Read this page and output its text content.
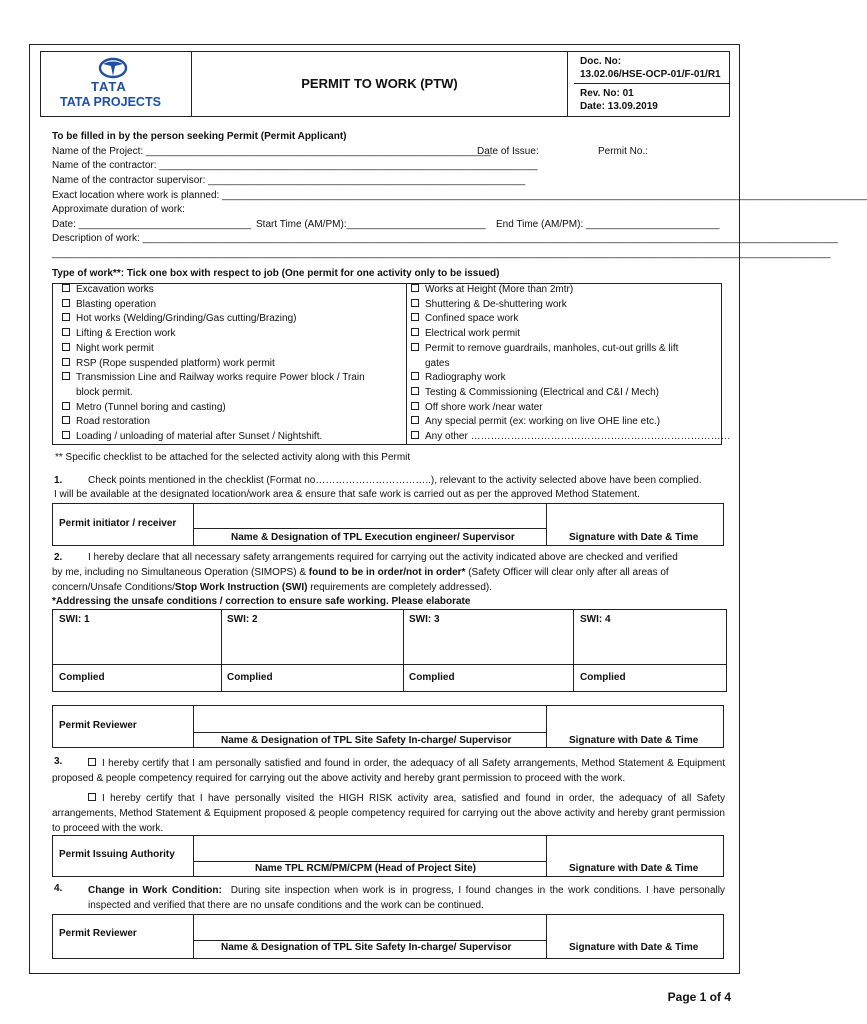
TATA
TATA PROJECTS
PERMIT TO WORK (PTW)
Doc. No:
13.02.06/HSE-OCP-01/F-01/R1
Rev. No: 01
Date: 13.09.2019
To be filled in by the person seeking Permit (Permit Applicant)
Name of the Project: ______________________________________________________________
Date of Issue:	Permit No.:
Name of the contractor: ____________________________________________________________________
Name of the contractor supervisor: _________________________________________________________
Exact location where work is planned: ____________________________________________________________________________________________________________________
Approximate duration of work:
Date: _______________________________ Start Time (AM/PM):_________________________ End Time (AM/PM): ________________________
Description of work: _____________________________________________________________________________________________________________________________
____________________________________________________________________________________________________________________________________________
Type of work**: Tick one box with respect to job (One permit for one activity only to be issued)
Excavation works
Blasting operation
Hot works (Welding/Grinding/Gas cutting/Brazing)
Lifting & Erection work
Night work permit
RSP (Rope suspended platform) work permit
Transmission Line and Railway works require Power block / Train
block permit.
Metro (Tunnel boring and casting)
Road restoration
Loading / unloading of material after Sunset / Nightshift.
Works at Height (More than 2mtr)
Shuttering & De-shuttering work
Confined space work
Electrical work permit
Permit to remove guardrails, manholes, cut-out grills & lift
gates
Radiography work
Testing & Commissioning (Electrical and C&I / Mech)
Off shore work /near water
Any special permit (ex: working on live OHE line etc.)
Any other ……………………………………………………………………
** Specific checklist to be attached for the selected activity along with this Permit
1.	Check points mentioned in the checklist (Format no……………………………..), relevant to the activity selected above have been complied.
I will be available at the designated location/work area & ensure that safe work is carried out as per the approved Method Statement.
Permit initiator / receiver
Name & Designation of TPL Execution engineer/ Supervisor	Signature with Date & Time
2.	I hereby declare that all necessary safety arrangements required for carrying out the activity indicated above are checked and verified
by me, including no Simultaneous Operation (SIMOPS) & found to be in order/not in order* (Safety Officer will clear only after all areas of
concern/Unsafe Conditions/Stop Work Instruction (SWI) requirements are completely addressed).
*Addressing the unsafe conditions / correction to ensure safe working. Please elaborate
SWI: 1	SWI: 2	SWI: 3	SWI: 4
Complied	Complied	Complied	Complied
Permit Reviewer
Name & Designation of TPL Site Safety In-charge/ Supervisor	Signature with Date & Time
3.	I hereby certify that I am personally satisfied and found in order, the adequacy of all Safety arrangements, Method Statement & Equipment proposed & people competency required for carrying out the above activity and hereby grant permission to proceed with the work.
I hereby certify that I have personally visited the HIGH RISK activity area, satisfied and found in order, the adequacy of all Safety arrangements, Method Statement & Equipment proposed & people competency required for carrying out the above activity and hereby grant permission to proceed with the work.
Permit Issuing Authority
Name TPL RCM/PM/CPM (Head of Project Site)	Signature with Date & Time
4.	Change in Work Condition: During site inspection when work is in progress, I found changes in the work conditions. I have personally inspected and verified that there are no unsafe conditions and the work can be continued.
Permit Reviewer
Name & Designation of TPL Site Safety In-charge/ Supervisor	Signature with Date & Time
Page 1 of 4
